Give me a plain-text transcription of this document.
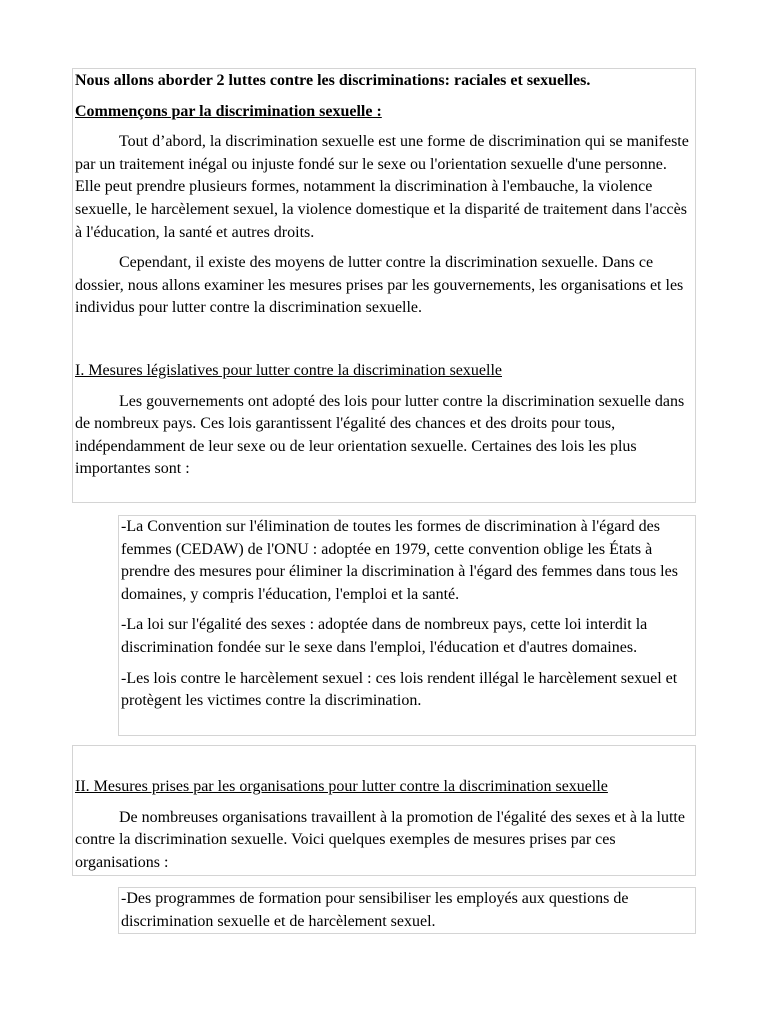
Nous allons aborder 2 luttes contre les discriminations: raciales et sexuelles.

Commençons par la discrimination sexuelle :

Tout d’abord, la discrimination sexuelle est une forme de discrimination qui se manifeste par un traitement inégal ou injuste fondé sur le sexe ou l'orientation sexuelle d'une personne. Elle peut prendre plusieurs formes, notamment la discrimination à l'embauche, la violence sexuelle, le harcèlement sexuel, la violence domestique et la disparité de traitement dans l'accès à l'éducation, la santé et autres droits.

Cependant, il existe des moyens de lutter contre la discrimination sexuelle. Dans ce dossier, nous allons examiner les mesures prises par les gouvernements, les organisations et les individus pour lutter contre la discrimination sexuelle.

I. Mesures législatives pour lutter contre la discrimination sexuelle

Les gouvernements ont adopté des lois pour lutter contre la discrimination sexuelle dans de nombreux pays. Ces lois garantissent l'égalité des chances et des droits pour tous, indépendamment de leur sexe ou de leur orientation sexuelle. Certaines des lois les plus importantes sont :

-La Convention sur l'élimination de toutes les formes de discrimination à l'égard des femmes (CEDAW) de l'ONU : adoptée en 1979, cette convention oblige les États à prendre des mesures pour éliminer la discrimination à l'égard des femmes dans tous les domaines, y compris l'éducation, l'emploi et la santé.

-La loi sur l'égalité des sexes : adoptée dans de nombreux pays, cette loi interdit la discrimination fondée sur le sexe dans l'emploi, l'éducation et d'autres domaines.

-Les lois contre le harcèlement sexuel : ces lois rendent illégal le harcèlement sexuel et protègent les victimes contre la discrimination.

II. Mesures prises par les organisations pour lutter contre la discrimination sexuelle

De nombreuses organisations travaillent à la promotion de l'égalité des sexes et à la lutte contre la discrimination sexuelle. Voici quelques exemples de mesures prises par ces organisations :

-Des programmes de formation pour sensibiliser les employés aux questions de discrimination sexuelle et de harcèlement sexuel.
